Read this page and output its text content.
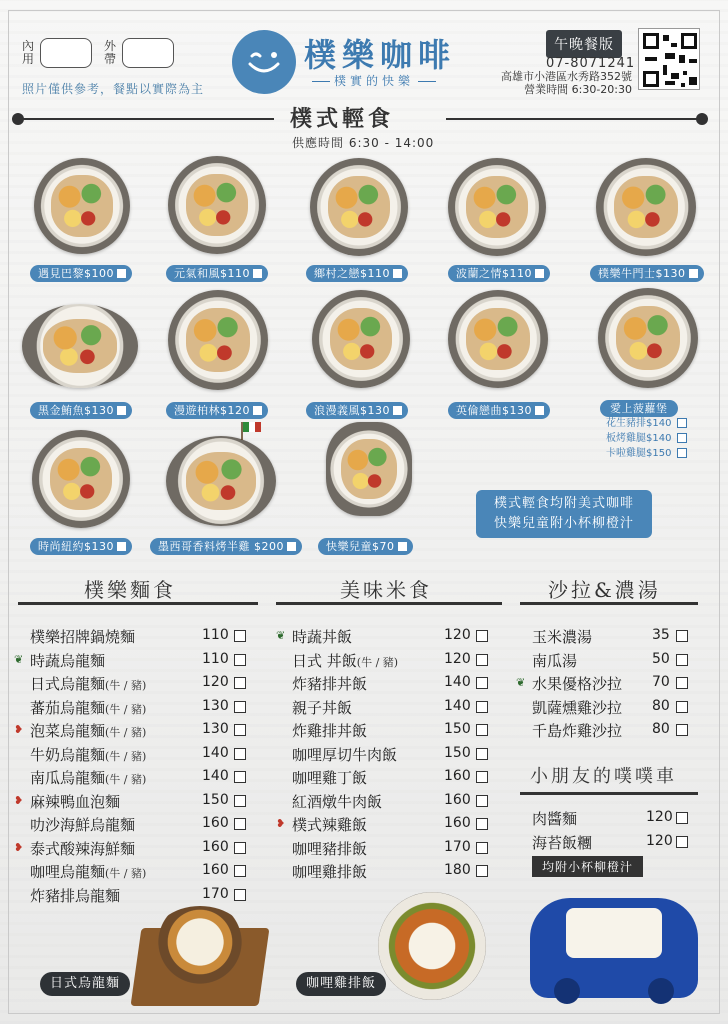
內用
外帶
照片僅供參考，餐點以實際為主
樸樂咖啡
樸實的快樂
午晚餐版
07-8071241
高雄市小港區水秀路352號
營業時間 6:30-20:30
樸式輕食
供應時間 6:30 - 14:00
遇見巴黎$100	元氣和風$110	鄉村之戀$110	波蘭之情$110	樸樂牛門士$130
黑金鮪魚$130	漫遊柏林$120	浪漫義風$130	英倫戀曲$130	愛上菠蘿堡
花生豬排$140
板烤雞腿$140
卡啦雞腿$150
時尚紐約$130	墨西哥香料烤半雞 $200	快樂兒童$70
樸式輕食均附美式咖啡
快樂兒童附小杯柳橙汁
樸樂麵食	美味米食	沙拉&濃湯
樸樂招牌鍋燒麵	110
❦ 時蔬烏龍麵	110
日式烏龍麵(牛 / 豬)	120
蕃茄烏龍麵(牛 / 豬)	130
❥ 泡菜烏龍麵(牛 / 豬)	130
牛奶烏龍麵(牛 / 豬)	140
南瓜烏龍麵(牛 / 豬)	140
❥ 麻辣鴨血泡麵	150
叻沙海鮮烏龍麵	160
❥ 泰式酸辣海鮮麵	160
咖哩烏龍麵(牛 / 豬)	160
炸豬排烏龍麵	170
❦ 時蔬丼飯	120
日式 丼飯(牛 / 豬)	120
炸豬排丼飯	140
親子丼飯	140
炸雞排丼飯	150
咖哩厚切牛肉飯	150
咖哩雞丁飯	160
紅酒燉牛肉飯	160
❥ 樸式辣雞飯	160
咖哩豬排飯	170
咖哩雞排飯	180
玉米濃湯	35
南瓜湯	50
❦ 水果優格沙拉 70
凱薩燻雞沙拉 80
千島炸雞沙拉 80
小朋友的噗噗車
肉醬麵	120
海苔飯糰	120
均附小杯柳橙汁
日式烏龍麵	咖哩雞排飯
